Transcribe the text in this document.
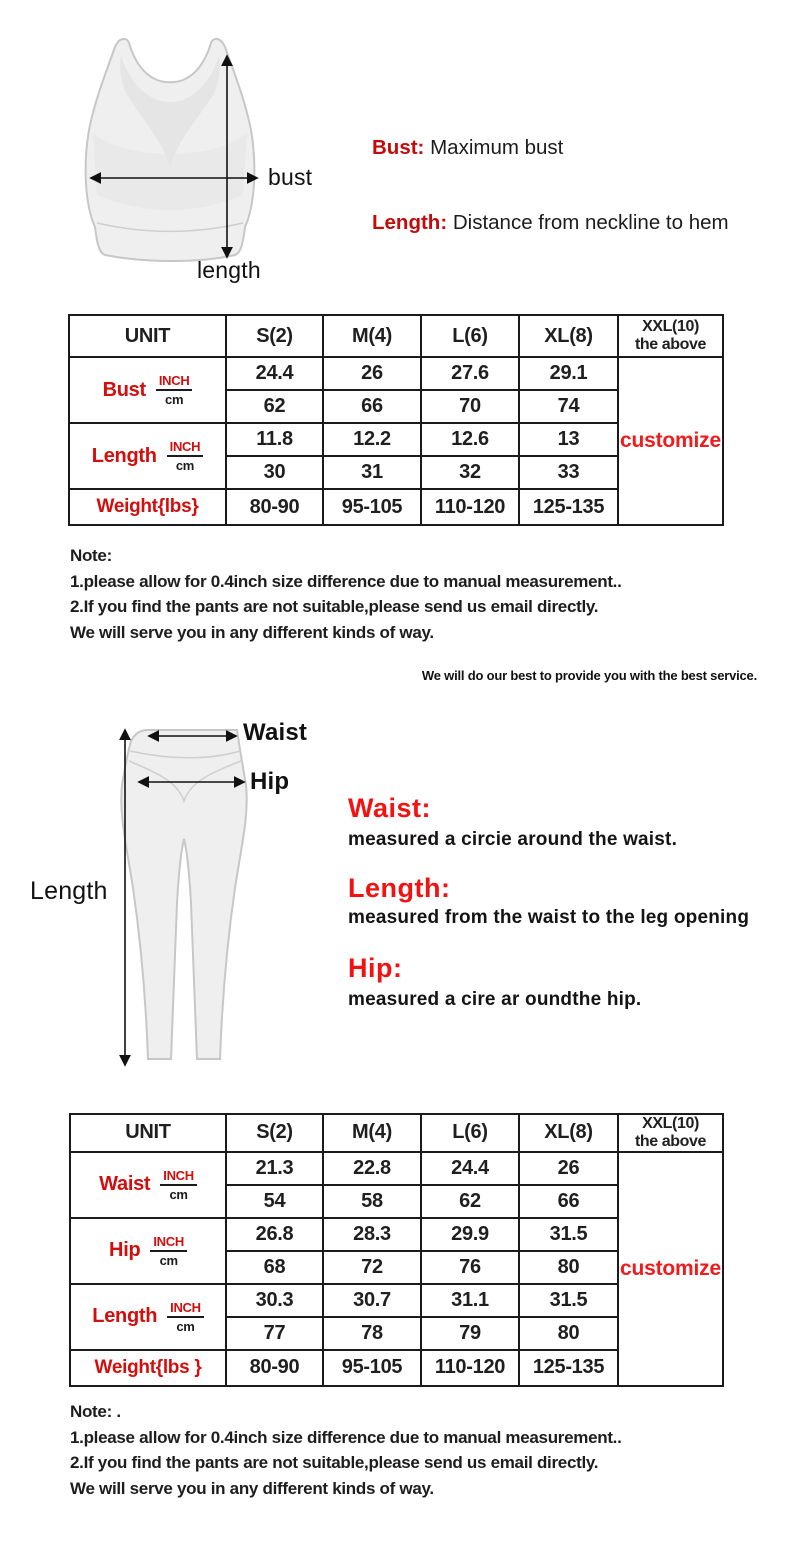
bust
length
Bust: Maximum bust
Length: Distance from neckline to hem
UNIT	S(2)	M(4)	L(6)	XL(8)	XXL(10)
the above

Bust $\frac{\text{INCH}}{cm}$	24.4	26	27.6	29.1	customize
	62	66	70	74	

Length $\frac{\text{INCH}}{cm}$	11.8	12.2	12.6	13	
	30	31	32	33	
Weight{lbs}	80-90	95-105	110-120	125-135	
Note:
1.please allow for 0.4inch size difference due to manual measurement..
2.If you find the pants are not suitable,please send us email directly.
We will serve you in any different kinds of way.
We will do our best to provide you with the best service.
Waist
Hip
Length
Waist:
measured a circie around the waist.
Length:
measured from the waist to the leg opening
Hip:
measured a cire ar oundthe hip.
UNIT	S(2)	M(4)	L(6)	XL(8)	XXL(10)
the above

Waist $\frac{\text{INCH}}{cm}$	21.3	22.8	24.4	26	customize
	54	58	62	66	

Hip $\frac{\text{INCH}}{cm}$	26.8	28.3	29.9	31.5	
	68	72	76	80	

Length $\frac{\text{INCH}}{cm}$	30.3	30.7	31.1	31.5	
	77	78	79	80	
Weight{lbs }	80-90	95-105	110-120	125-135	
Note: .
1.please allow for 0.4inch size difference due to manual measurement..
2.If you find the pants are not suitable,please send us email directly.
We will serve you in any different kinds of way.
